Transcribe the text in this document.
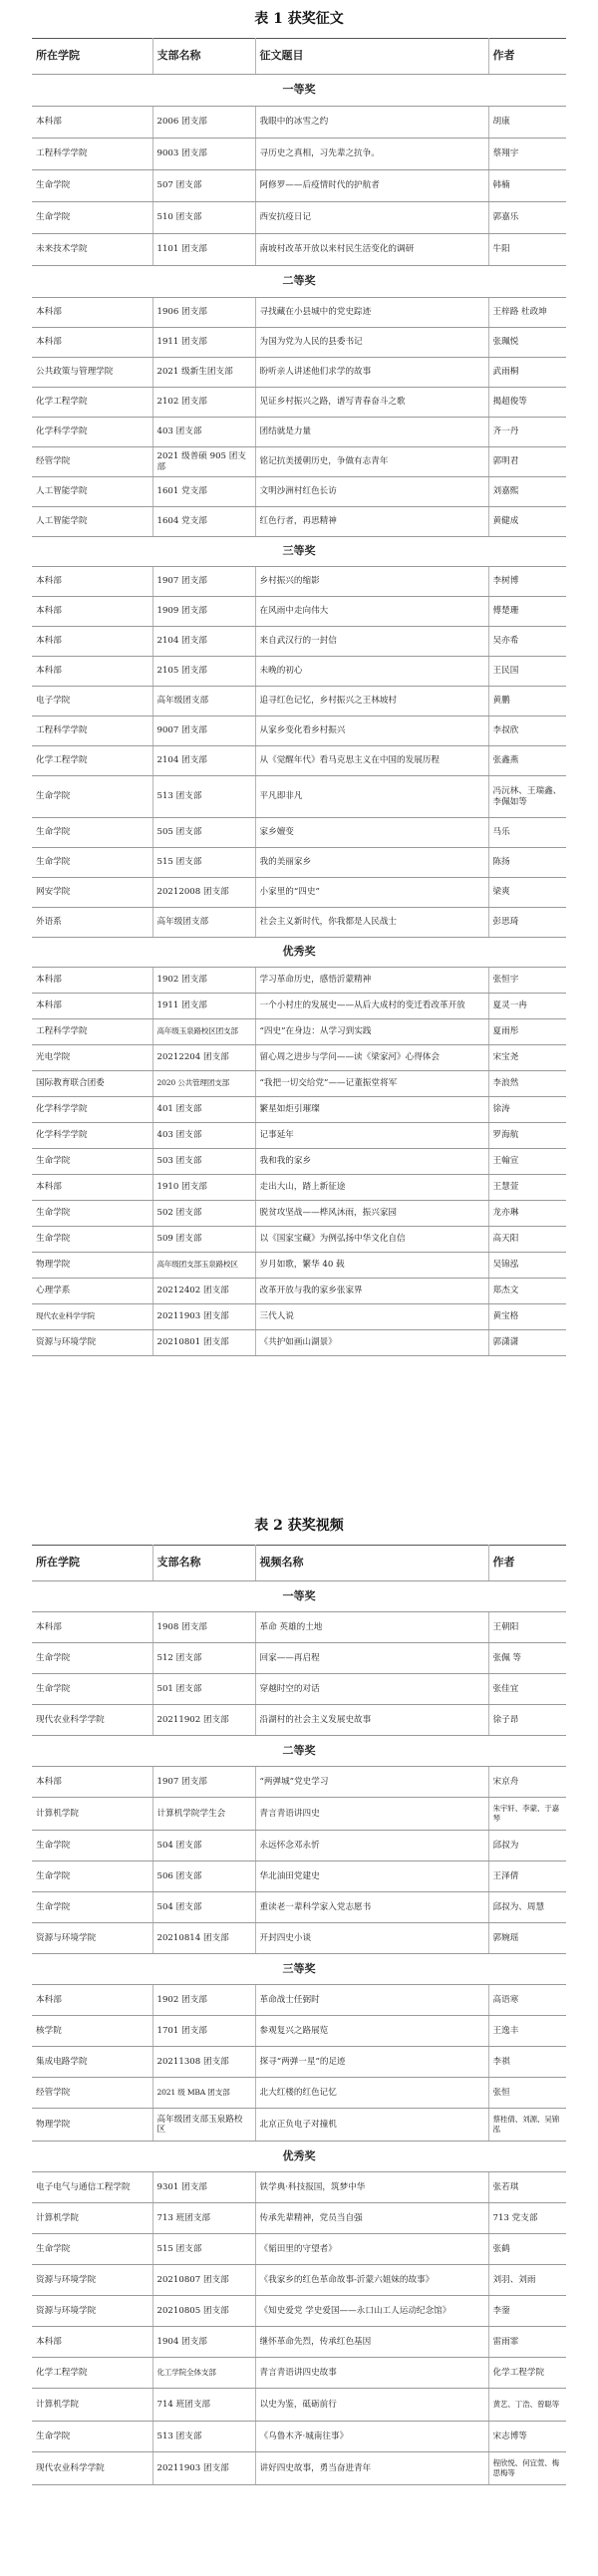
表 1 获奖征文
所在学院	支部名称	征文题目	作者
一等奖			
本科部	2006 团支部	我眼中的冰雪之约	胡康
工程科学学院	9003 团支部	寻历史之真相，习先辈之抗争。	蔡翔宇
生命学院	507 团支部	阿修罗——后疫情时代的护航者	韩楠
生命学院	510 团支部	西安抗疫日记	郭嘉乐
未来技术学院	1101 团支部	南坡村改革开放以来村民生活变化的调研	牛阳
二等奖			
本科部	1906 团支部	寻找藏在小县城中的党史踪迹	王梓路 杜政坤
本科部	1911 团支部	为国为党为人民的县委书记	张珮悦
公共政策与管理学院	2021 级新生团支部	盼听亲人讲述他们求学的故事	武雨桐
化学工程学院	2102 团支部	见证乡村振兴之路，谱写青春奋斗之歌	揭超俊等
化学科学学院	403 团支部	团结就是力量	齐一丹
经管学院	2021 级普硕 905 团支部	铭记抗美援朝历史，争做有志青年	郭明君
人工智能学院	1601 党支部	文明沙洲村红色长访	刘嘉熙
人工智能学院	1604 党支部	红色行者，再思精神	黄健成
三等奖			
本科部	1907 团支部	乡村振兴的缩影	李树博
本科部	1909 团支部	在风雨中走向伟大	傅楚珊
本科部	2104 团支部	来自武汉行的一封信	吴亦希
本科部	2105 团支部	未晚的初心	王民国
电子学院	高年级团支部	追寻红色记忆，乡村振兴之王林坡村	黄鹏
工程科学学院	9007 团支部	从家乡变化看乡村振兴	李叔欣
化学工程学院	2104 团支部	从《觉醒年代》看马克思主义在中国的发展历程	张鑫燕
生命学院	513 团支部	平凡即非凡	冯沅林、王瑞鑫、李佩如等
生命学院	505 团支部	家乡嬗变	马乐
生命学院	515 团支部	我的美丽家乡	陈扬
网安学院	20212008 团支部	小家里的“四史”	梁爽
外语系	高年级团支部	社会主义新时代，你我都是人民战士	彭思琦
优秀奖			
本科部	1902 团支部	学习革命历史，感悟沂蒙精神	张恒宇
本科部	1911 团支部	一个小村庄的发展史——从后大成村的变迁看改革开放	夏灵一冉
工程科学学院	高年级玉泉路校区团支部	“四史”在身边：从学习到实践	夏雨彤
光电学院	20212204 团支部	留心周之进步与学问——读《梁家河》心得体会	宋宝尧
国际教育联合团委	2020 公共管理团支部	“我把一切交给党”——记董振堂将军	李浪然
化学科学学院	401 团支部	繁星如炬引璀璨	徐涛
化学科学学院	403 团支部	记事延年	罗海航
生命学院	503 团支部	我和我的家乡	王翰宣
本科部	1910 团支部	走出大山，踏上新征途	王慧萱
生命学院	502 团支部	脱贫攻坚战——桦风沐雨，振兴家园	龙亦琳
生命学院	509 团支部	以《国家宝藏》为例弘扬中华文化自信	高天阳
物理学院	高年级团支部玉泉路校区	岁月如歌，繁华 40 载	吴锦泓
心理学系	20212402 团支部	改革开放与我的家乡张家界	郑杰文
现代农业科学学院	20211903 团支部	三代人说	黄宝格
资源与环境学院	20210801 团支部	《共护如画山湖景》	郭潇潇
表 2 获奖视频
所在学院	支部名称	视频名称	作者
一等奖			
本科部	1908 团支部	革命 英雄的土地	王朝阳
生命学院	512 团支部	回家——再启程	张佩 等
生命学院	501 团支部	穿越时空的对话	张佳宜
现代农业科学学院	20211902 团支部	沿湖村的社会主义发展史故事	徐子昂
二等奖			
本科部	1907 团支部	“两弹城”党史学习	宋京舟
计算机学院	计算机学院学生会	青言青语讲四史	朱宇轩、李蒙、于嘉琴
生命学院	504 团支部	永远怀念邓永忻	邱叔为
生命学院	506 团支部	华北油田党建史	王泽倩
生命学院	504 团支部	重读老一辈科学家入党志愿书	邱叔为、周慧
资源与环境学院	20210814 团支部	开封四史小谈	郭婉瑶
三等奖			
本科部	1902 团支部	革命战士任弼时	高语寒
核学院	1701 团支部	参观复兴之路展览	王逸丰
集成电路学院	20211308 团支部	探寻“两弹一星”的足迹	李祺
经管学院	2021 级 MBA 团支部	北大红楼的红色记忆	张恒
物理学院	高年级团支部玉泉路校区	北京正负电子对撞机	蔡桂倩、刘源、吴锦泓
优秀奖			
电子电气与通信工程学院	9301 团支部	铁学典·科技报国，筑梦中华	张若琪
计算机学院	713 班团支部	传承先辈精神，党员当自强	713 党支部
生命学院	515 团支部	《韬田里的守望者》	张鹤
资源与环境学院	20210807 团支部	《我家乡的红色革命故事-沂蒙六姐妹的故事》	刘羽、刘雨
资源与环境学院	20210805 团支部	《知史爱党 学史爱国——永口山工人运动纪念馆》	李蓥
本科部	1904 团支部	继怀革命先烈，传承红色基因	雷雨霏
化学工程学院	化工学院全体支部	青言青语讲四史故事	化学工程学院
计算机学院	714 班团支部	以史为鉴，砥砺前行	黄艺、丁浩、曾聪等
生命学院	513 团支部	《乌鲁木齐·城南往事》	宋志博等
现代农业科学学院	20211903 团支部	讲好四史故事，勇当奋进青年	程欣悦、何宜萱、梅思梅等
